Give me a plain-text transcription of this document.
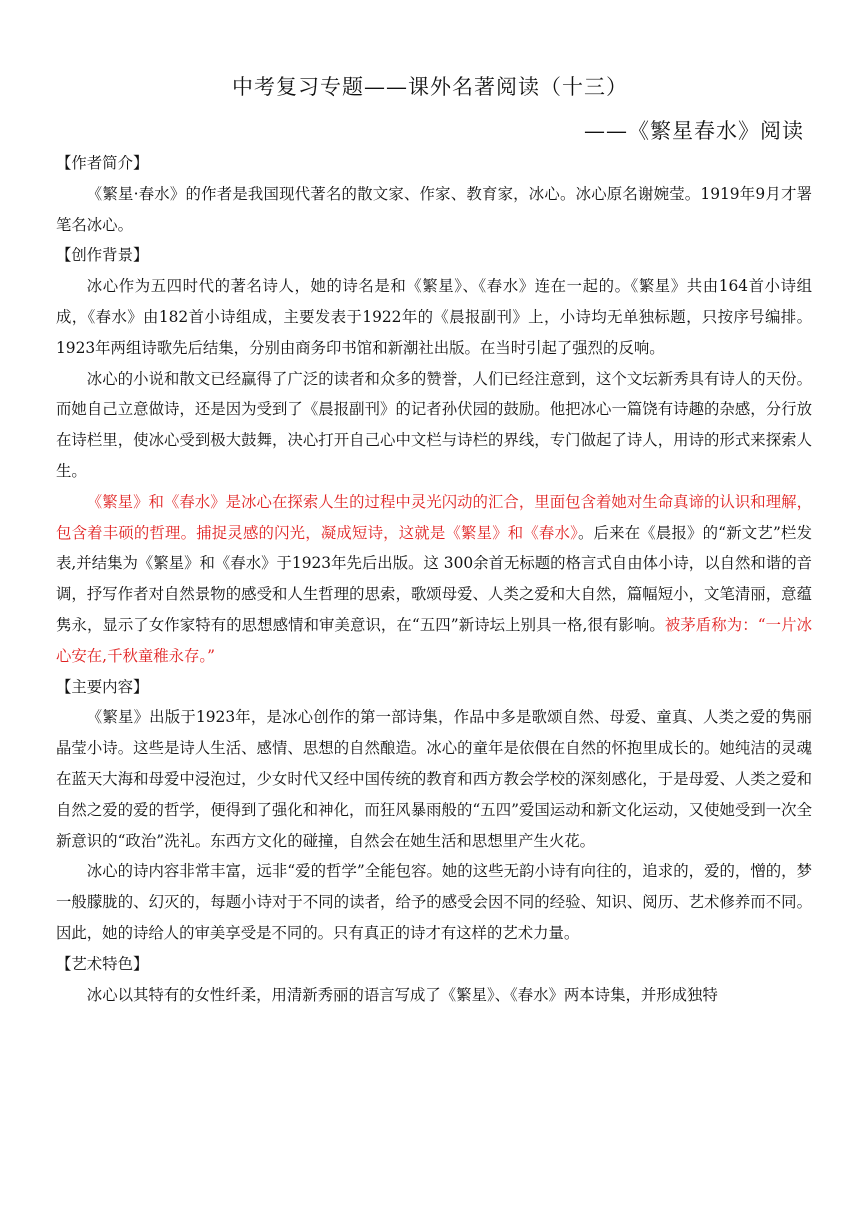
中考复习专题——课外名著阅读（十三）
——《繁星春水》阅读

【作者简介】

《繁星·春水》的作者是我国现代著名的散文家、作家、教育家，冰心。冰心原名谢婉莹。1919年9月才署笔名冰心。

【创作背景】

冰心作为五四时代的著名诗人，她的诗名是和《繁星》、《春水》连在一起的。《繁星》共由164首小诗组成，《春水》由182首小诗组成，主要发表于1922年的《晨报副刊》上，小诗均无单独标题，只按序号编排。1923年两组诗歌先后结集，分别由商务印书馆和新潮社出版。在当时引起了强烈的反响。

冰心的小说和散文已经赢得了广泛的读者和众多的赞誉，人们已经注意到，这个文坛新秀具有诗人的天份。而她自己立意做诗，还是因为受到了《晨报副刊》的记者孙伏园的鼓励。他把冰心一篇饶有诗趣的杂感，分行放在诗栏里，使冰心受到极大鼓舞，决心打开自己心中文栏与诗栏的界线，专门做起了诗人，用诗的形式来探索人生。

《繁星》和《春水》是冰心在探索人生的过程中灵光闪动的汇合，里面包含着她对生命真谛的认识和理解，包含着丰硕的哲理。捕捉灵感的闪光，凝成短诗，这就是《繁星》和《春水》。后来在《晨报》的“新文艺”栏发表,并结集为《繁星》和《春水》于1923年先后出版。这 300余首无标题的格言式自由体小诗，以自然和谐的音调，抒写作者对自然景物的感受和人生哲理的思索，歌颂母爱、人类之爱和大自然，篇幅短小，文笔清丽，意蕴隽永，显示了女作家特有的思想感情和审美意识，在“五四”新诗坛上别具一格,很有影响。被茅盾称为：“一片冰心安在,千秋童稚永存。”

【主要内容】

《繁星》出版于1923年，是冰心创作的第一部诗集，作品中多是歌颂自然、母爱、童真、人类之爱的隽丽晶莹小诗。这些是诗人生活、感情、思想的自然酿造。冰心的童年是依偎在自然的怀抱里成长的。她纯洁的灵魂在蓝天大海和母爱中浸泡过，少女时代又经中国传统的教育和西方教会学校的深刻感化，于是母爱、人类之爱和自然之爱的爱的哲学，便得到了强化和神化，而狂风暴雨般的“五四”爱国运动和新文化运动，又使她受到一次全新意识的“政治”洗礼。东西方文化的碰撞，自然会在她生活和思想里产生火花。

冰心的诗内容非常丰富，远非“爱的哲学”全能包容。她的这些无韵小诗有向往的，追求的，爱的，憎的，梦一般朦胧的、幻灭的，每题小诗对于不同的读者，给予的感受会因不同的经验、知识、阅历、艺术修养而不同。因此，她的诗给人的审美享受是不同的。只有真正的诗才有这样的艺术力量。

【艺术特色】

冰心以其特有的女性纤柔，用清新秀丽的语言写成了《繁星》、《春水》两本诗集，并形成独特
